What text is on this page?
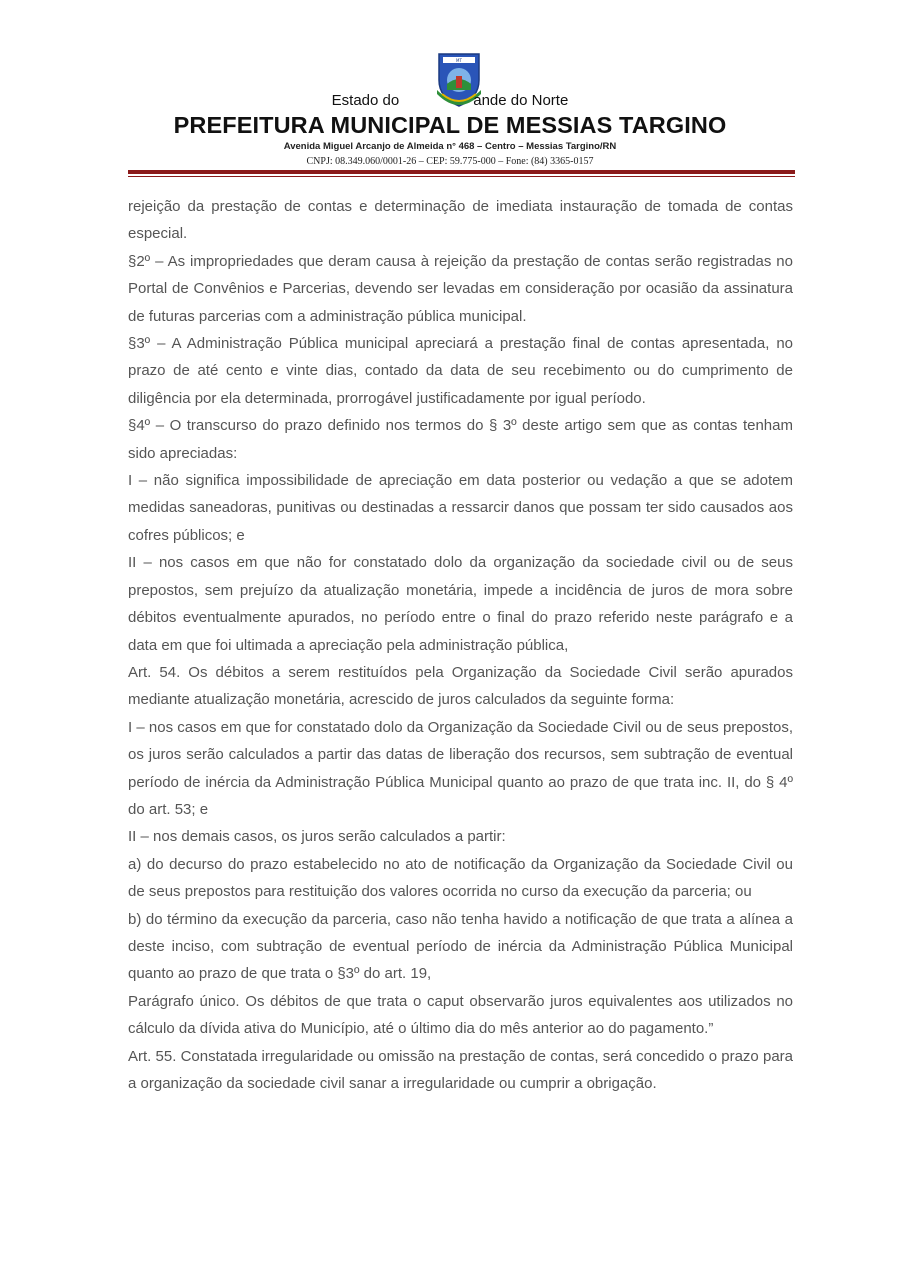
MT
Estado do	ande do Norte
PREFEITURA MUNICIPAL DE MESSIAS TARGINO
Avenida Miguel Arcanjo de Almeida n° 468 – Centro – Messias Targino/RN
CNPJ: 08.349.060/0001-26 – CEP: 59.775-000 – Fone: (84) 3365-0157

rejeição da prestação de contas e determinação de imediata instauração de tomada de contas especial.

§2º – As impropriedades que deram causa à rejeição da prestação de contas serão registradas no Portal de Convênios e Parcerias, devendo ser levadas em consideração por ocasião da assinatura de futuras parcerias com a administração pública municipal.

§3º – A Administração Pública municipal apreciará a prestação final de contas apresentada, no prazo de até cento e vinte dias, contado da data de seu recebimento ou do cumprimento de diligência por ela determinada, prorrogável justificadamente por igual período.

§4º – O transcurso do prazo definido nos termos do § 3º deste artigo sem que as contas tenham sido apreciadas:

I – não significa impossibilidade de apreciação em data posterior ou vedação a que se adotem medidas saneadoras, punitivas ou destinadas a ressarcir danos que possam ter sido causados aos cofres públicos; e

II – nos casos em que não for constatado dolo da organização da sociedade civil ou de seus prepostos, sem prejuízo da atualização monetária, impede a incidência de juros de mora sobre débitos eventualmente apurados, no período entre o final do prazo referido neste parágrafo e a data em que foi ultimada a apreciação pela administração pública,

Art. 54. Os débitos a serem restituídos pela Organização da Sociedade Civil serão apurados mediante atualização monetária, acrescido de juros calculados da seguinte forma:

I – nos casos em que for constatado dolo da Organização da Sociedade Civil ou de seus prepostos, os juros serão calculados a partir das datas de liberação dos recursos, sem subtração de eventual período de inércia da Administração Pública Municipal quanto ao prazo de que trata inc. II, do § 4º do art. 53; e

II – nos demais casos, os juros serão calculados a partir:

a) do decurso do prazo estabelecido no ato de notificação da Organização da Sociedade Civil ou de seus prepostos para restituição dos valores ocorrida no curso da execução da parceria; ou

b) do término da execução da parceria, caso não tenha havido a notificação de que trata a alínea a deste inciso, com subtração de eventual período de inércia da Administração Pública Municipal quanto ao prazo de que trata o §3º do art. 19,

Parágrafo único. Os débitos de que trata o caput observarão juros equivalentes aos utilizados no cálculo da dívida ativa do Município, até o último dia do mês anterior ao do pagamento.”

Art. 55. Constatada irregularidade ou omissão na prestação de contas, será concedido o prazo para a organização da sociedade civil sanar a irregularidade ou cumprir a obrigação.
